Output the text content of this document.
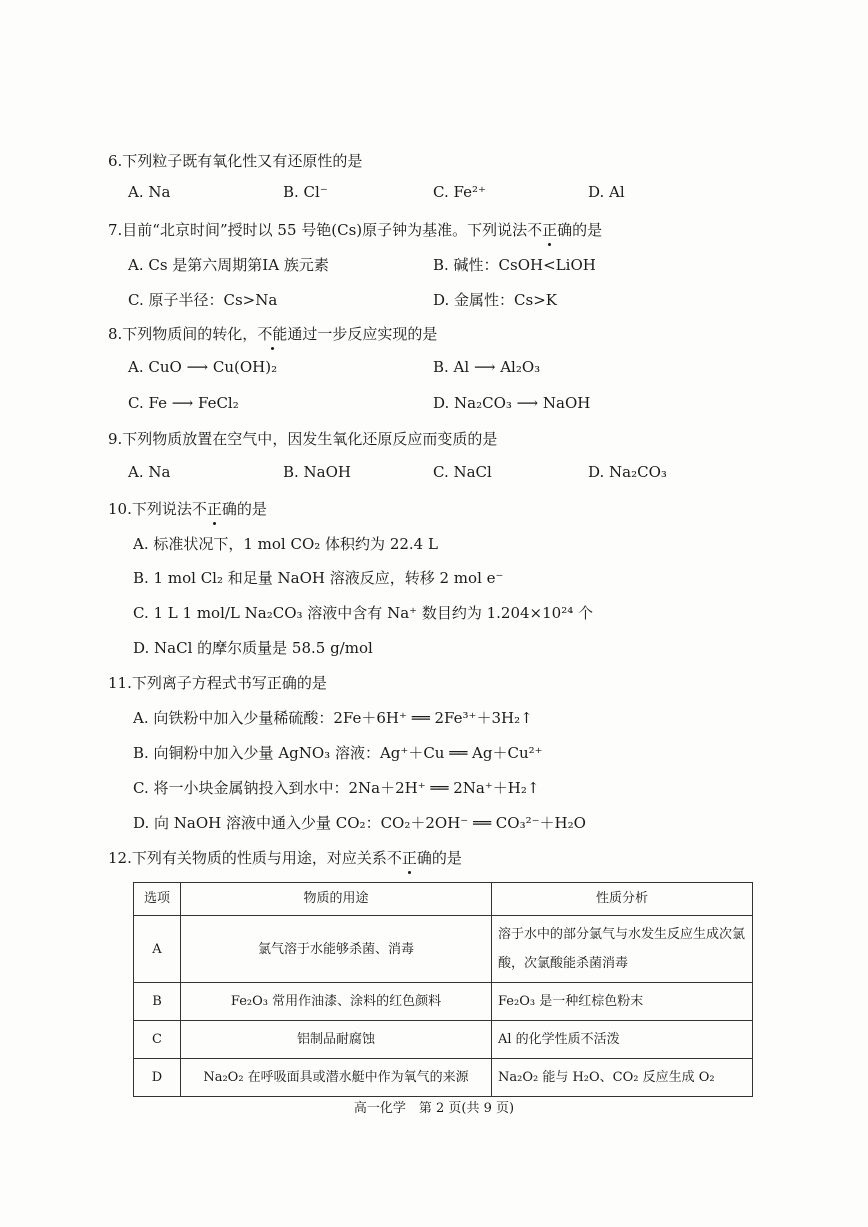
6.下列粒子既有氧化性又有还原性的是
A. Na	B. Cl⁻	C. Fe²⁺	D. Al
7.目前“北京时间”授时以 55 号铯(Cs)原子钟为基准。下列说法不正确的是
A. Cs 是第六周期第ⅠA 族元素	B. 碱性：CsOH<LiOH
C. 原子半径：Cs>Na	D. 金属性：Cs>K
8.下列物质间的转化，不能通过一步反应实现的是
A. CuO ⟶ Cu(OH)₂	B. Al ⟶ Al₂O₃
C. Fe ⟶ FeCl₂	D. Na₂CO₃ ⟶ NaOH
9.下列物质放置在空气中，因发生氧化还原反应而变质的是
A. Na	B. NaOH	C. NaCl	D. Na₂CO₃
10.下列说法不正确的是
A. 标准状况下，1 mol CO₂ 体积约为 22.4 L
B. 1 mol Cl₂ 和足量 NaOH 溶液反应，转移 2 mol e⁻
C. 1 L 1 mol/L Na₂CO₃ 溶液中含有 Na⁺ 数目约为 1.204×10²⁴ 个
D. NaCl 的摩尔质量是 58.5 g/mol
11.下列离子方程式书写正确的是
A. 向铁粉中加入少量稀硫酸：2Fe＋6H⁺ ══ 2Fe³⁺＋3H₂↑
B. 向铜粉中加入少量 AgNO₃ 溶液：Ag⁺＋Cu ══ Ag＋Cu²⁺
C. 将一小块金属钠投入到水中：2Na＋2H⁺ ══ 2Na⁺＋H₂↑
D. 向 NaOH 溶液中通入少量 CO₂：CO₂＋2OH⁻ ══ CO₃²⁻＋H₂O
12.下列有关物质的性质与用途，对应关系不正确的是
选项	物质的用途	性质分析
A	氯气溶于水能够杀菌、消毒	溶于水中的部分氯气与水发生反应生成次氯酸，次氯酸能杀菌消毒
B	Fe₂O₃ 常用作油漆、涂料的红色颜料	Fe₂O₃ 是一种红棕色粉末
C	铝制品耐腐蚀	Al 的化学性质不活泼
D	Na₂O₂ 在呼吸面具或潜水艇中作为氧气的来源	Na₂O₂ 能与 H₂O、CO₂ 反应生成 O₂
高一化学　第 2 页(共 9 页)
